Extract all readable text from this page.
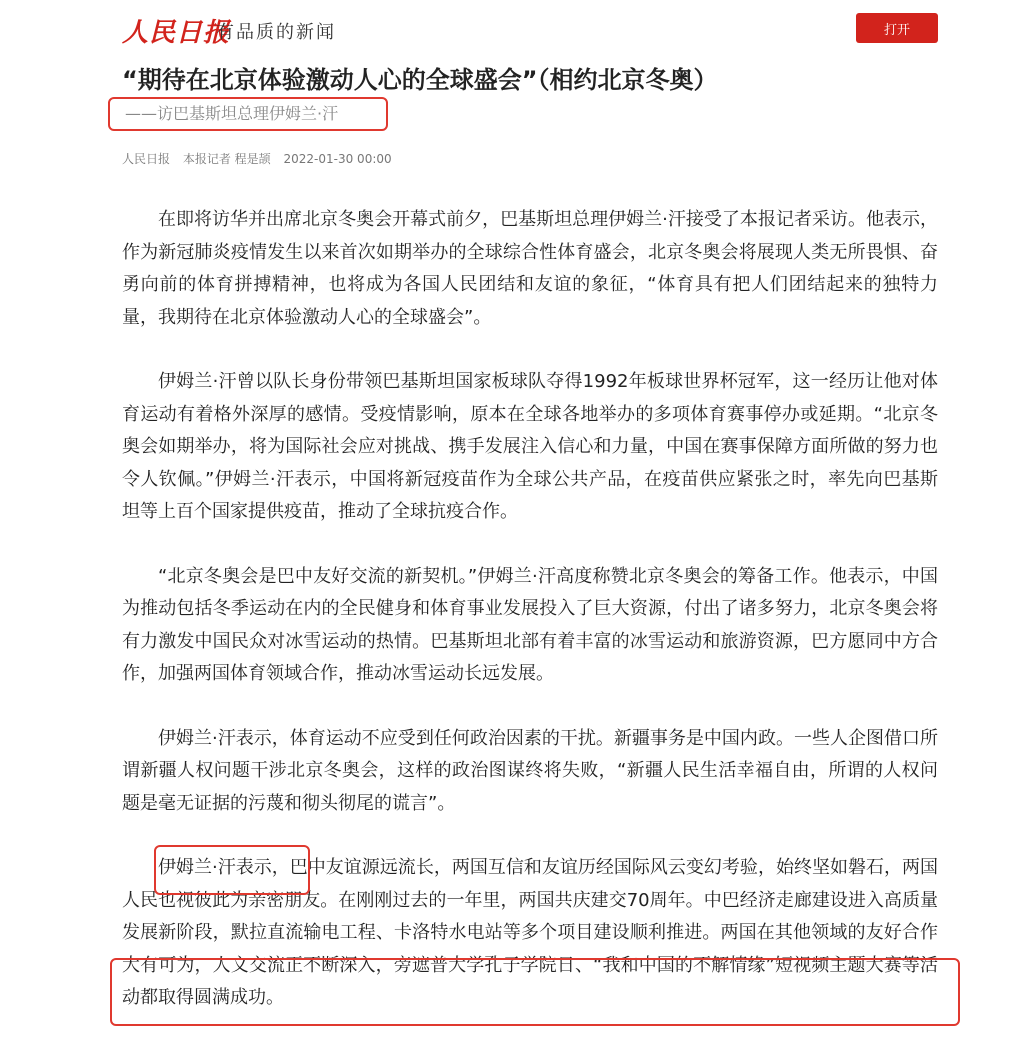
人民日报
有品质的新闻	打开
“期待在北京体验激动人心的全球盛会”（相约北京冬奥）
——访巴基斯坦总理伊姆兰·汗
人民日报 本报记者 程是颉 2022-01-30 00:00

在即将访华并出席北京冬奥会开幕式前夕，巴基斯坦总理伊姆兰·汗接受了本报记者采访。他表示，作为新冠肺炎疫情发生以来首次如期举办的全球综合性体育盛会，北京冬奥会将展现人类无所畏惧、奋勇向前的体育拼搏精神，也将成为各国人民团结和友谊的象征，“体育具有把人们团结起来的独特力量，我期待在北京体验激动人心的全球盛会”。

伊姆兰·汗曾以队长身份带领巴基斯坦国家板球队夺得1992年板球世界杯冠军，这一经历让他对体育运动有着格外深厚的感情。受疫情影响，原本在全球各地举办的多项体育赛事停办或延期。“北京冬奥会如期举办，将为国际社会应对挑战、携手发展注入信心和力量，中国在赛事保障方面所做的努力也令人钦佩。”伊姆兰·汗表示，中国将新冠疫苗作为全球公共产品，在疫苗供应紧张之时，率先向巴基斯坦等上百个国家提供疫苗，推动了全球抗疫合作。

“北京冬奥会是巴中友好交流的新契机。”伊姆兰·汗高度称赞北京冬奥会的筹备工作。他表示，中国为推动包括冬季运动在内的全民健身和体育事业发展投入了巨大资源，付出了诸多努力，北京冬奥会将有力激发中国民众对冰雪运动的热情。巴基斯坦北部有着丰富的冰雪运动和旅游资源，巴方愿同中方合作，加强两国体育领域合作，推动冰雪运动长远发展。

伊姆兰·汗表示，体育运动不应受到任何政治因素的干扰。新疆事务是中国内政。一些人企图借口所谓新疆人权问题干涉北京冬奥会，这样的政治图谋终将失败，“新疆人民生活幸福自由，所谓的人权问题是毫无证据的污蔑和彻头彻尾的谎言”。

伊姆兰·汗表示，巴中友谊源远流长，两国互信和友谊历经国际风云变幻考验，始终坚如磐石，两国人民也视彼此为亲密朋友。在刚刚过去的一年里，两国共庆建交70周年。中巴经济走廊建设进入高质量发展新阶段，默拉直流输电工程、卡洛特水电站等多个项目建设顺利推进。两国在其他领域的友好合作大有可为，人文交流正不断深入，旁遮普大学孔子学院日、“我和中国的不解情缘”短视频主题大赛等活动都取得圆满成功。
